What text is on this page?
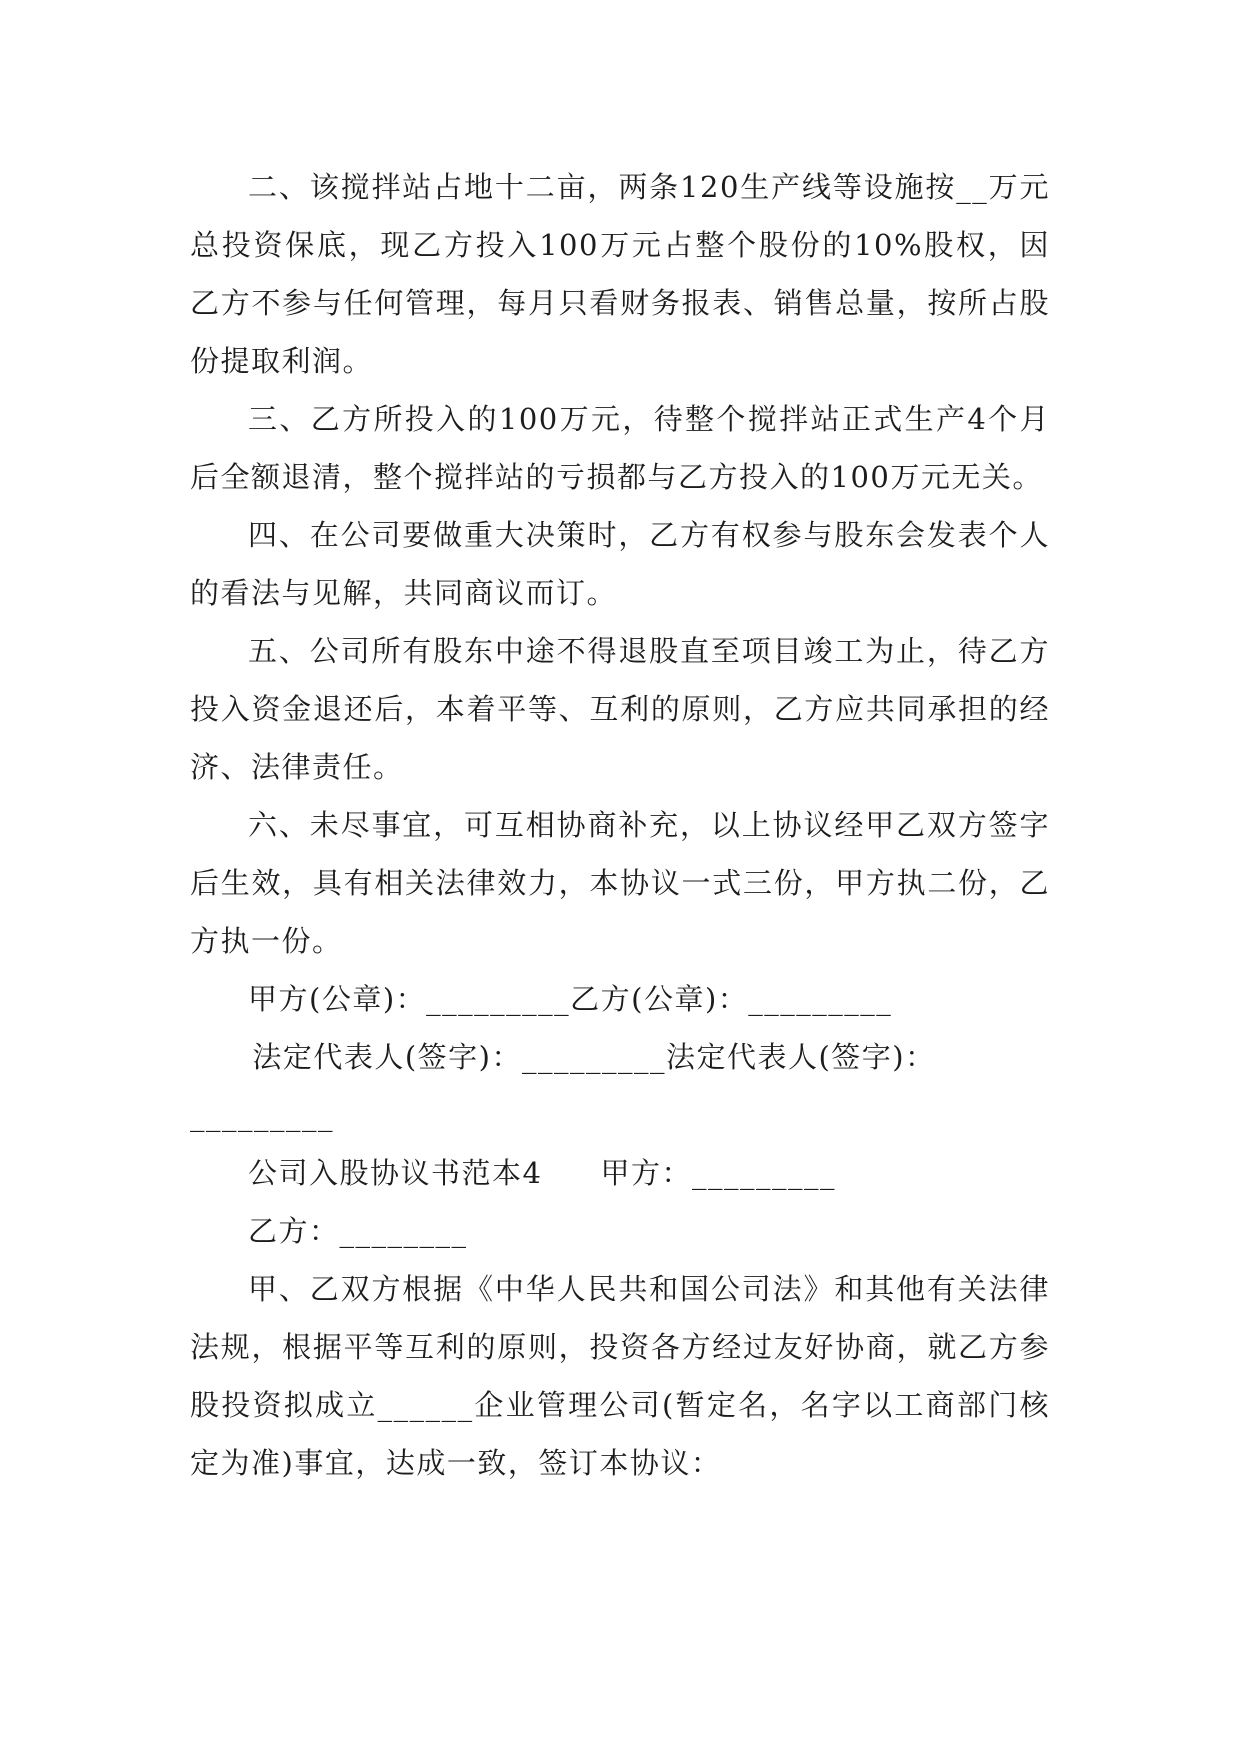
二、该搅拌站占地十二亩，两条120生产线等设施按__万元总投资保底，现乙方投入100万元占整个股份的10%股权，因乙方不参与任何管理，每月只看财务报表、销售总量，按所占股份提取利润。

三、乙方所投入的100万元，待整个搅拌站正式生产4个月后全额退清，整个搅拌站的亏损都与乙方投入的100万元无关。

四、在公司要做重大决策时，乙方有权参与股东会发表个人的看法与见解，共同商议而订。

五、公司所有股东中途不得退股直至项目竣工为止，待乙方投入资金退还后，本着平等、互利的原则，乙方应共同承担的经济、法律责任。

六、未尽事宜，可互相协商补充，以上协议经甲乙双方签字后生效，具有相关法律效力，本协议一式三份，甲方执二份，乙方执一份。

甲方(公章)：_________乙方(公章)：_________

法定代表人(签字)：_________法定代表人(签字)：

_________

公司入股协议书范本4 甲方：_________

乙方：________

甲、乙双方根据《中华人民共和国公司法》和其他有关法律法规，根据平等互利的原则，投资各方经过友好协商，就乙方参股投资拟成立______企业管理公司(暂定名，名字以工商部门核定为准)事宜，达成一致，签订本协议：
